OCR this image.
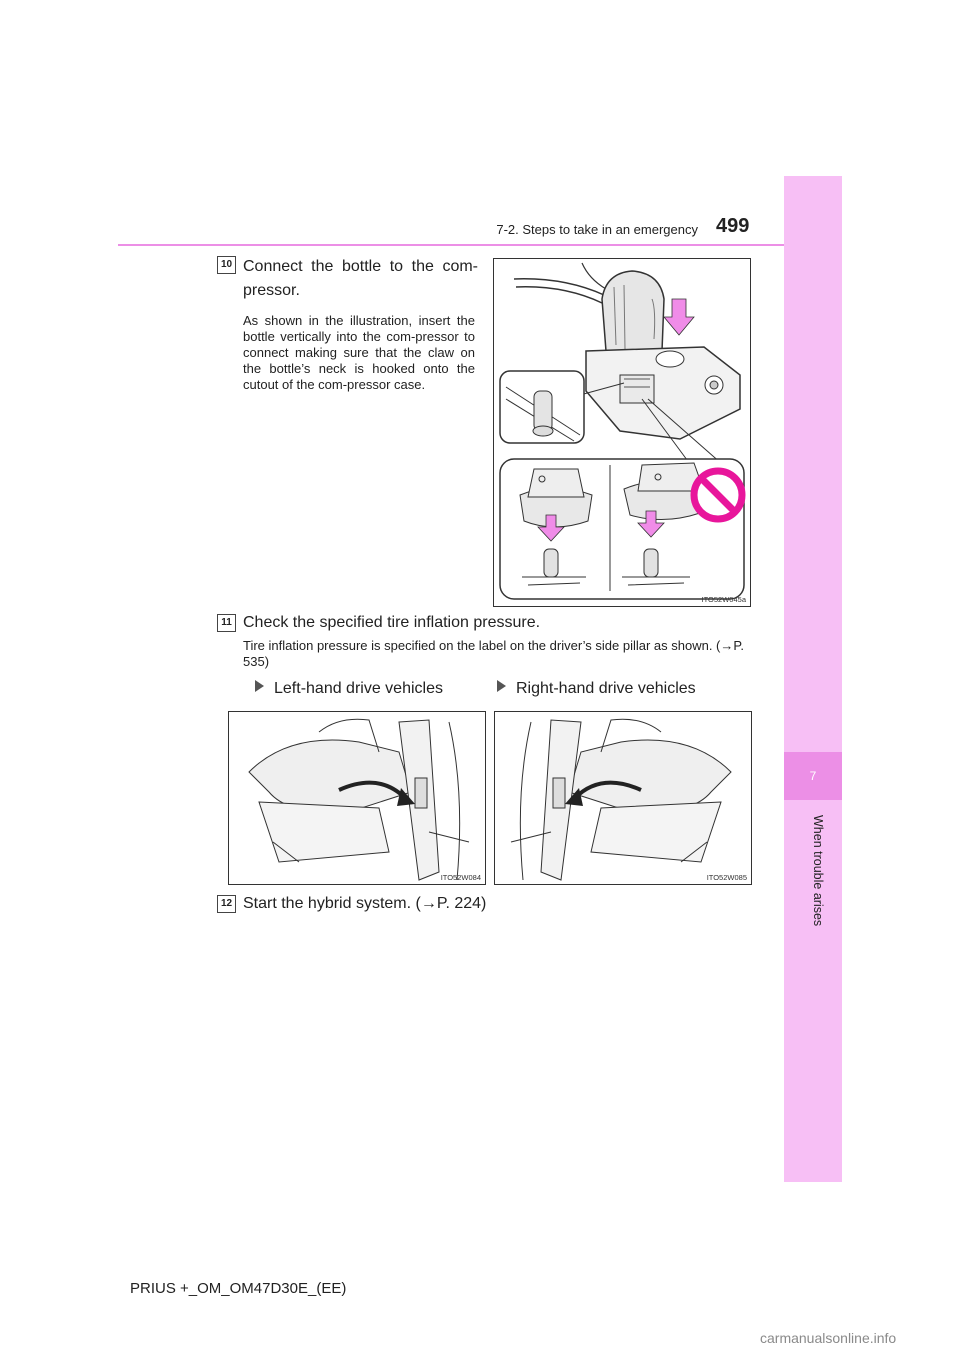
7
When trouble arises
7-2. Steps to take in an emergency 499
10 Connect the bottle to the com-pressor.
As shown in the illustration, insert the bottle vertically into the com-pressor to connect making sure that the claw on the bottle’s neck is hooked onto the cutout of the com-pressor case.
ITO52W045a
11 Check the specified tire inflation pressure.
Tire inflation pressure is specified on the label on the driver’s side pillar as shown. (→P. 535)
Left-hand drive vehicles	Right-hand drive vehicles
ITO52W084	ITO52W085
12 Start the hybrid system. (→P. 224)
PRIUS +_OM_OM47D30E_(EE)
carmanualsonline.info
